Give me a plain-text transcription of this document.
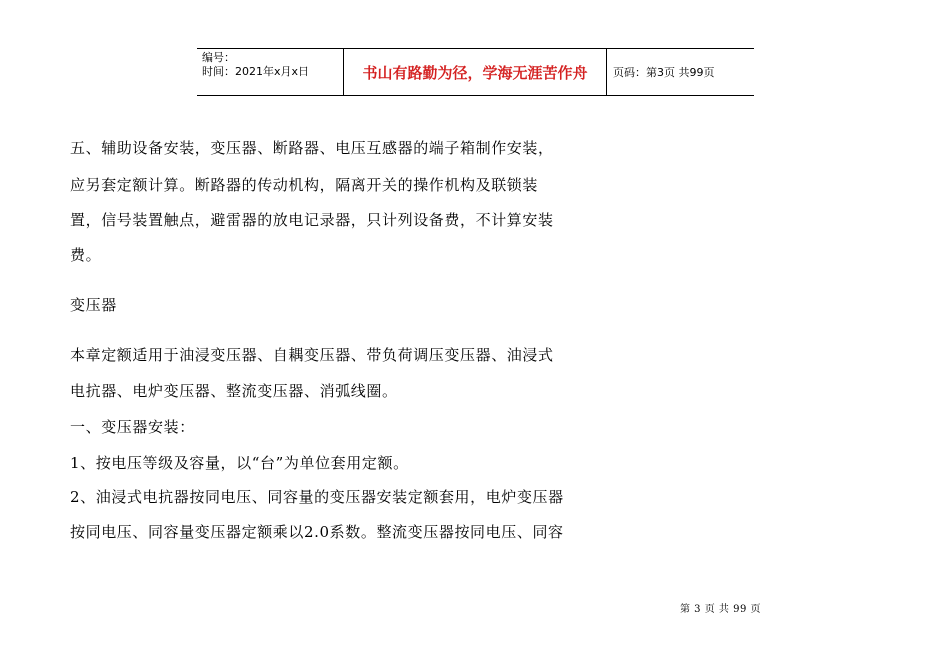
编号：
时间：2021年x月x日	书山有路勤为径，学海无涯苦作舟	页码：第3页 共99页
五、辅助设备安装，变压器、断路器、电压互感器的端子箱制作安装，
应另套定额计算。断路器的传动机构，隔离开关的操作机构及联锁装
置，信号装置触点，避雷器的放电记录器，只计列设备费，不计算安装
费。
变压器
本章定额适用于油浸变压器、自耦变压器、带负荷调压变压器、油浸式
电抗器、电炉变压器、整流变压器、消弧线圈。
一、变压器安装：
1、按电压等级及容量，以“台”为单位套用定额。
2、油浸式电抗器按同电压、同容量的变压器安装定额套用，电炉变压器
按同电压、同容量变压器定额乘以2.0系数。整流变压器按同电压、同容
第 3 页 共 99 页
